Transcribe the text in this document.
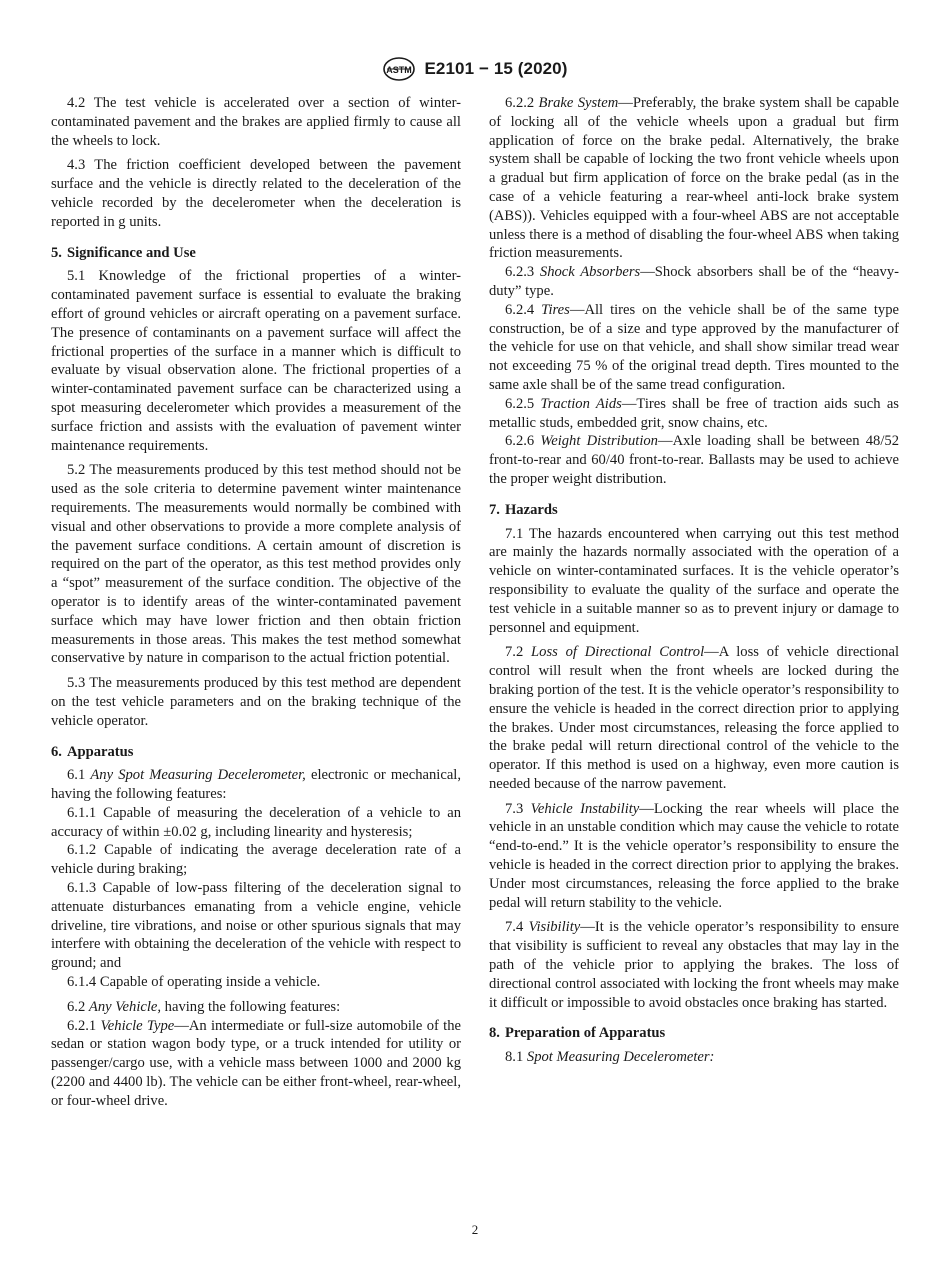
ASTM E2101 − 15 (2020)

4.2 The test vehicle is accelerated over a section of winter-contaminated pavement and the brakes are applied firmly to cause all the wheels to lock.

4.3 The friction coefficient developed between the pavement surface and the vehicle is directly related to the deceleration of the vehicle recorded by the decelerometer when the deceleration is reported in g units.

5. Significance and Use

5.1 Knowledge of the frictional properties of a winter-contaminated pavement surface is essential to evaluate the braking effort of ground vehicles or aircraft operating on a pavement surface. The presence of contaminants on a pavement surface will affect the frictional properties of the surface in a manner which is difficult to evaluate by visual observation alone. The frictional properties of a winter-contaminated pavement surface can be characterized using a spot measuring decelerometer which provides a measurement of the surface friction and assists with the evaluation of pavement winter maintenance requirements.

5.2 The measurements produced by this test method should not be used as the sole criteria to determine pavement winter maintenance requirements. The measurements would normally be combined with visual and other observations to provide a more complete analysis of the pavement surface conditions. A certain amount of discretion is required on the part of the operator, as this test method provides only a “spot” measurement of the surface condition. The objective of the operator is to identify areas of the winter-contaminated pavement surface which may have lower friction and then obtain friction measurements in those areas. This makes the test method somewhat conservative by nature in comparison to the actual friction potential.

5.3 The measurements produced by this test method are dependent on the test vehicle parameters and on the braking technique of the vehicle operator.

6. Apparatus

6.1 Any Spot Measuring Decelerometer, electronic or mechanical, having the following features:

6.1.1 Capable of measuring the deceleration of a vehicle to an accuracy of within ±0.02 g, including linearity and hysteresis;

6.1.2 Capable of indicating the average deceleration rate of a vehicle during braking;

6.1.3 Capable of low-pass filtering of the deceleration signal to attenuate disturbances emanating from a vehicle engine, vehicle driveline, tire vibrations, and noise or other spurious signals that may interfere with obtaining the deceleration of the vehicle with respect to ground; and

6.1.4 Capable of operating inside a vehicle.

6.2 Any Vehicle, having the following features:

6.2.1 Vehicle Type—An intermediate or full-size automobile of the sedan or station wagon body type, or a truck intended for utility or passenger/cargo use, with a vehicle mass between 1000 and 2000 kg (2200 and 4400 lb). The vehicle can be either front-wheel, rear-wheel, or four-wheel drive.

6.2.2 Brake System—Preferably, the brake system shall be capable of locking all of the vehicle wheels upon a gradual but firm application of force on the brake pedal. Alternatively, the brake system shall be capable of locking the two front vehicle wheels upon a gradual but firm application of force on the brake pedal (as in the case of a vehicle featuring a rear-wheel anti-lock brake system (ABS)). Vehicles equipped with a four-wheel ABS are not acceptable unless there is a method of disabling the four-wheel ABS when taking friction measurements.

6.2.3 Shock Absorbers—Shock absorbers shall be of the “heavy-duty” type.

6.2.4 Tires—All tires on the vehicle shall be of the same type construction, be of a size and type approved by the manufacturer of the vehicle for use on that vehicle, and shall show similar tread wear not exceeding 75 % of the original tread depth. Tires mounted to the same axle shall be of the same tread configuration.

6.2.5 Traction Aids—Tires shall be free of traction aids such as metallic studs, embedded grit, snow chains, etc.

6.2.6 Weight Distribution—Axle loading shall be between 48/52 front-to-rear and 60/40 front-to-rear. Ballasts may be used to achieve the proper weight distribution.

7. Hazards

7.1 The hazards encountered when carrying out this test method are mainly the hazards normally associated with the operation of a vehicle on winter-contaminated surfaces. It is the vehicle operator’s responsibility to evaluate the quality of the surface and operate the test vehicle in a suitable manner so as to prevent injury or damage to personnel and equipment.

7.2 Loss of Directional Control—A loss of vehicle directional control will result when the front wheels are locked during the braking portion of the test. It is the vehicle operator’s responsibility to ensure the vehicle is headed in the correct direction prior to applying the brakes. Under most circumstances, releasing the force applied to the brake pedal will return directional control of the vehicle to the operator. If this method is used on a highway, even more caution is needed because of the narrow pavement.

7.3 Vehicle Instability—Locking the rear wheels will place the vehicle in an unstable condition which may cause the vehicle to rotate “end-to-end.” It is the vehicle operator’s responsibility to ensure the vehicle is headed in the correct direction prior to applying the brakes. Under most circumstances, releasing the force applied to the brake pedal will return stability to the vehicle.

7.4 Visibility—It is the vehicle operator’s responsibility to ensure that visibility is sufficient to reveal any obstacles that may lay in the path of the vehicle prior to applying the brakes. The loss of directional control associated with locking the front wheels may make it difficult or impossible to avoid obstacles once braking has started.

8. Preparation of Apparatus

8.1 Spot Measuring Decelerometer:

2
